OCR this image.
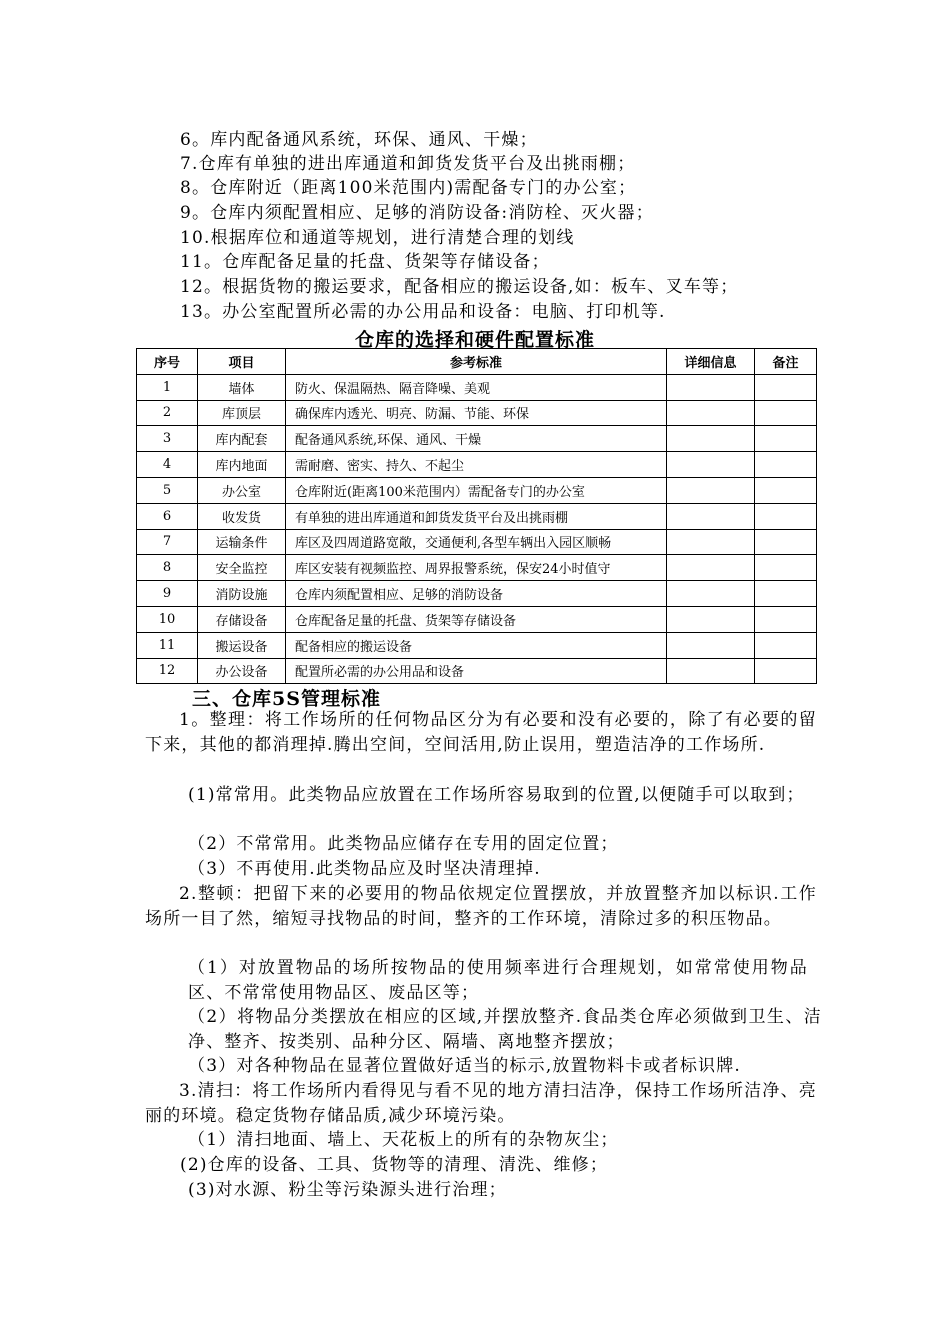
6。库内配备通风系统，环保、通风、干燥；
7.仓库有单独的进出库通道和卸货发货平台及出挑雨棚；
8。仓库附近（距离100米范围内)需配备专门的办公室；
9。仓库内须配置相应、足够的消防设备:消防栓、灭火器；
10.根据库位和通道等规划，进行清楚合理的划线
11。仓库配备足量的托盘、货架等存储设备；
12。根据货物的搬运要求，配备相应的搬运设备,如：板车、叉车等；
13。办公室配置所必需的办公用品和设备：电脑、打印机等.
仓库的选择和硬件配置标准
序号	项目	参考标准	详细信息	备注
1	墙体	防火、保温隔热、隔音降噪、美观		
2	库顶层	确保库内透光、明亮、防漏、节能、环保		
3	库内配套	配备通风系统,环保、通风、干燥		
4	库内地面	需耐磨、密实、持久、不起尘		
5	办公室	仓库附近(距离100米范围内）需配备专门的办公室		
6	收发货	有单独的进出库通道和卸货发货平台及出挑雨棚		
7	运输条件	库区及四周道路宽敞，交通便利,各型车辆出入园区顺畅		
8	安全监控	库区安装有视频监控、周界报警系统，保安24小时值守		
9	消防设施	仓库内须配置相应、足够的消防设备		
10	存储设备	仓库配备足量的托盘、货架等存储设备		
11	搬运设备	配备相应的搬运设备		
12	办公设备	配置所必需的办公用品和设备		
三、仓库5S管理标准
1。整理：将工作场所的任何物品区分为有必要和没有必要的，除了有必要的留下来，其他的都消理掉.腾出空间，空间活用,防止误用，塑造洁净的工作场所.
(1)常常用。此类物品应放置在工作场所容易取到的位置,以便随手可以取到；
（2）不常常用。此类物品应储存在专用的固定位置；
（3）不再使用.此类物品应及时坚决清理掉.
2.整顿：把留下来的必要用的物品依规定位置摆放，并放置整齐加以标识.工作场所一目了然，缩短寻找物品的时间，整齐的工作环境，清除过多的积压物品。
（1）对放置物品的场所按物品的使用频率进行合理规划，如常常使用物品区、不常常使用物品区、废品区等；
（2）将物品分类摆放在相应的区域,并摆放整齐.食品类仓库必须做到卫生、洁净、整齐、按类别、品种分区、隔墙、离地整齐摆放；
（3）对各种物品在显著位置做好适当的标示,放置物料卡或者标识牌.
3.清扫：将工作场所内看得见与看不见的地方清扫洁净，保持工作场所洁净、亮丽的环境。稳定货物存储品质,减少环境污染。
（1）清扫地面、墙上、天花板上的所有的杂物灰尘；
(2)仓库的设备、工具、货物等的清理、清洗、维修；
(3)对水源、粉尘等污染源头进行治理；
